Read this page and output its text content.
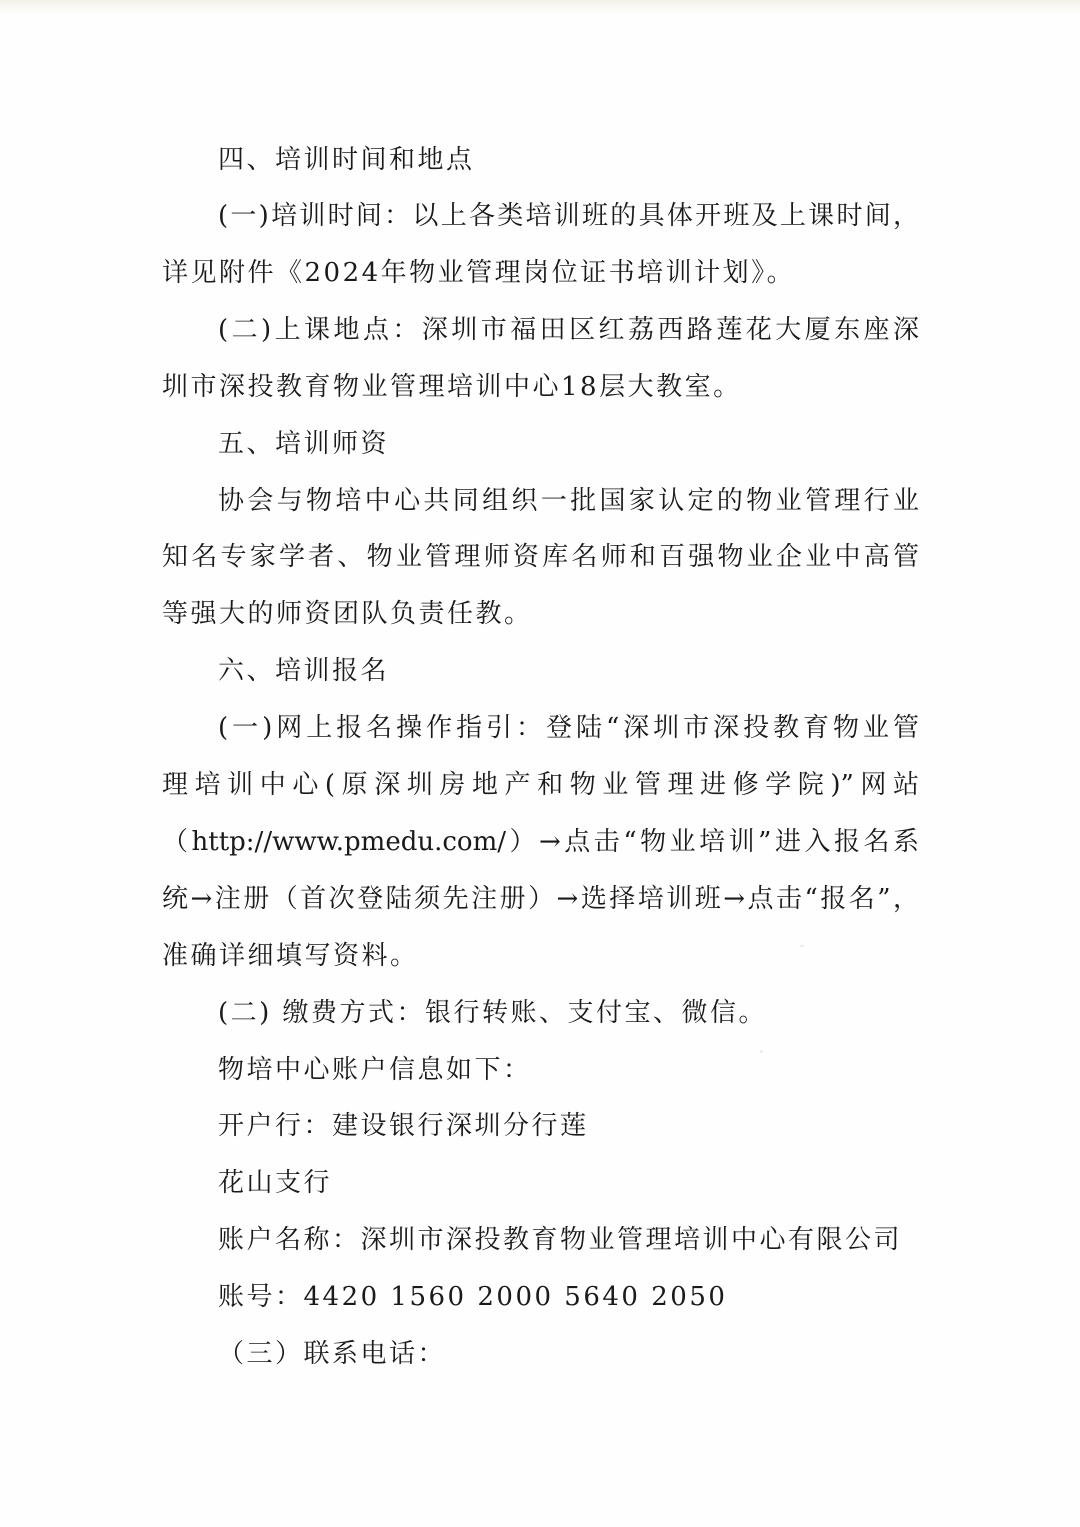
四、培训时间和地点
(一)培训时间：以上各类培训班的具体开班及上课时间，
详见附件《2024年物业管理岗位证书培训计划》。
(二)上课地点：深圳市福田区红荔西路莲花大厦东座深
圳市深投教育物业管理培训中心18层大教室。
五、培训师资
协会与物培中心共同组织一批国家认定的物业管理行业
知名专家学者、物业管理师资库名师和百强物业企业中高管
等强大的师资团队负责任教。
六、培训报名
(一)网上报名操作指引：登陆“深圳市深投教育物业管
理培训中心(原深圳房地产和物业管理进修学院)”网站
（http://www.pmedu.com/）→点击“物业培训”进入报名系
统→注册（首次登陆须先注册）→选择培训班→点击“报名”，
准确详细填写资料。
(二) 缴费方式：银行转账、支付宝、微信。
物培中心账户信息如下：
开户行：建设银行深圳分行莲
花山支行
账户名称：深圳市深投教育物业管理培训中心有限公司
账号：4420 1560 2000 5640 2050
（三）联系电话：
